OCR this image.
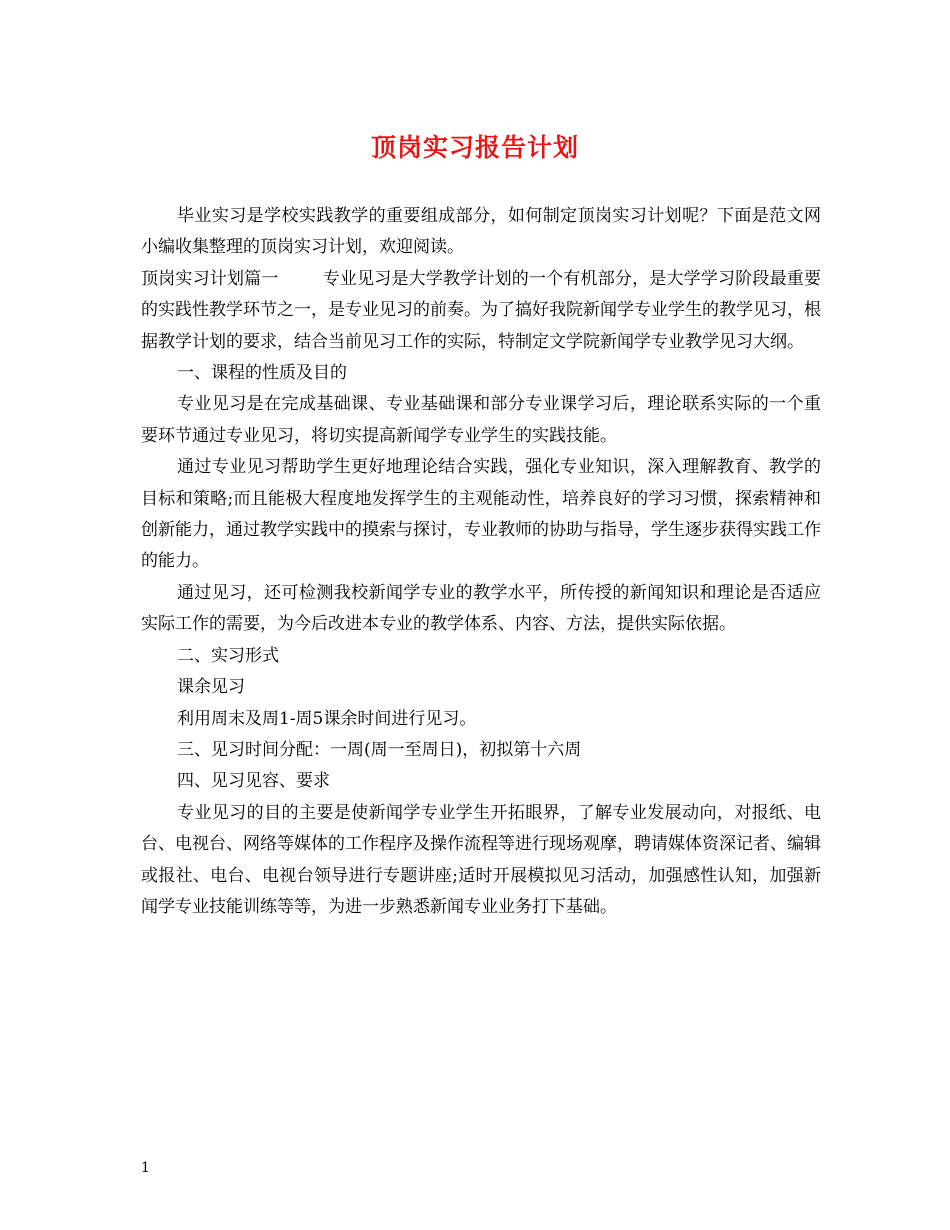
顶岗实习报告计划

毕业实习是学校实践教学的重要组成部分，如何制定顶岗实习计划呢？下面是范文网小编收集整理的顶岗实习计划，欢迎阅读。

顶岗实习计划篇一	专业见习是大学教学计划的一个有机部分，是大学学习阶段最重要的实践性教学环节之一，是专业见习的前奏。为了搞好我院新闻学专业学生的教学见习，根据教学计划的要求，结合当前见习工作的实际，特制定文学院新闻学专业教学见习大纲。

一、课程的性质及目的

专业见习是在完成基础课、专业基础课和部分专业课学习后，理论联系实际的一个重要环节通过专业见习，将切实提高新闻学专业学生的实践技能。

通过专业见习帮助学生更好地理论结合实践，强化专业知识，深入理解教育、教学的目标和策略;而且能极大程度地发挥学生的主观能动性，培养良好的学习习惯，探索精神和创新能力，通过教学实践中的摸索与探讨，专业教师的协助与指导，学生逐步获得实践工作的能力。

通过见习，还可检测我校新闻学专业的教学水平，所传授的新闻知识和理论是否适应实际工作的需要，为今后改进本专业的教学体系、内容、方法，提供实际依据。

二、实习形式

课余见习

利用周末及周1-周5课余时间进行见习。

三、见习时间分配：一周(周一至周日)，初拟第十六周

四、见习见容、要求

专业见习的目的主要是使新闻学专业学生开拓眼界，了解专业发展动向，对报纸、电台、电视台、网络等媒体的工作程序及操作流程等进行现场观摩，聘请媒体资深记者、编辑或报社、电台、电视台领导进行专题讲座;适时开展模拟见习活动，加强感性认知，加强新闻学专业技能训练等等，为进一步熟悉新闻专业业务打下基础。

1
